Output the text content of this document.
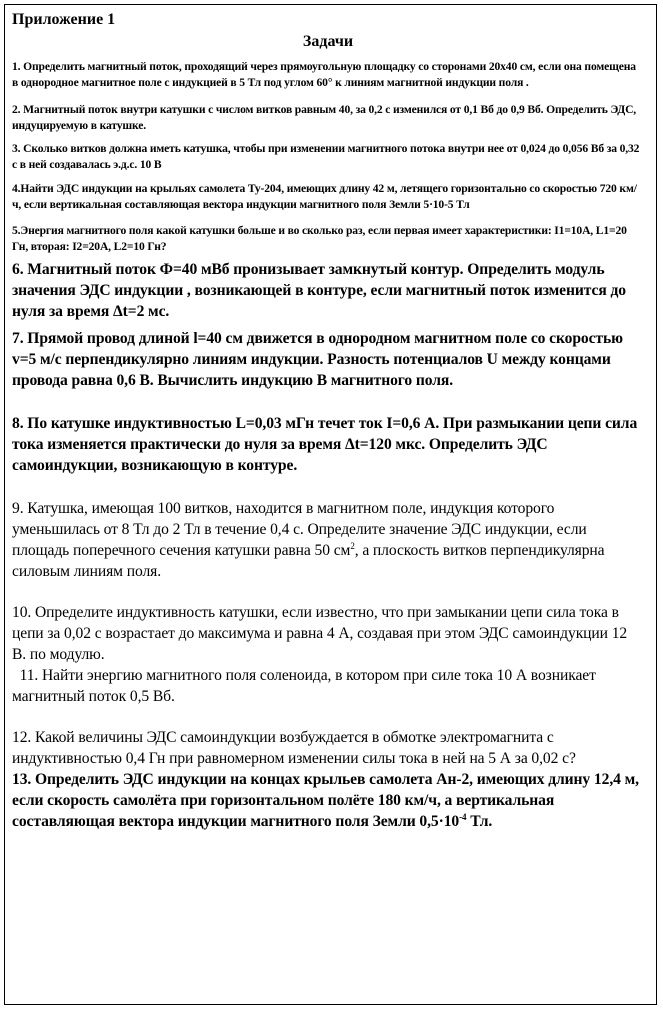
Приложение 1

Задачи

1. Определить магнитный поток, проходящий через прямоугольную площадку со сторонами 20х40 см, если она помещена в однородное магнитное поле с индукцией в 5 Тл под углом 60° к линиям магнитной индукции поля .

2. Магнитный поток внутри катушки с числом витков равным 40, за 0,2 с изменился от 0,1 Вб до 0,9 Вб. Определить ЭДС, индуцируемую в катушке.

3. Сколько витков должна иметь катушка, чтобы при изменении магнитного потока внутри нее от 0,024 до 0,056 Вб за 0,32 с в ней создавалась э.д.с. 10 В

4.Найти ЭДС индукции на крыльях самолета Ту-204, имеющих длину 42 м, летящего горизонтально со скоростью 720 км/ч, если вертикальная составляющая вектора индукции магнитного поля Земли 5·10-5 Тл

5.Энергия магнитного поля какой катушки больше и во сколько раз, если первая имеет характеристики: I1=10А, L1=20 Гн, вторая: I2=20А, L2=10 Гн?

6. Магнитный поток Ф=40 мВб пронизывает замкнутый контур. Определить модуль значения ЭДС индукции , возникающей в контуре, если магнитный поток изменится до нуля за время Δt=2 мс.

7. Прямой провод длиной l=40 см движется в однородном магнитном поле со скоростью v=5 м/с перпендикулярно линиям индукции. Разность потенциалов U между концами провода равна 0,6 В. Вычислить индукцию В магнитного поля.

8. По катушке индуктивностью L=0,03 мГн течет ток I=0,6 А. При размыкании цепи сила тока изменяется практически до нуля за время Δt=120 мкс. Определить ЭДС самоиндукции, возникающую в контуре.

9. Катушка, имеющая 100 витков, находится в магнитном поле, индукция которого уменьшилась от 8 Тл до 2 Тл в течение 0,4 с. Определите значение ЭДС индукции, если площадь поперечного сечения катушки равна 50 $см^2$, а плоскость витков перпендикулярна силовым линиям поля.

10. Определите индуктивность катушки, если известно, что при замыкании цепи сила тока в цепи за 0,02 с возрастает до максимума и равна 4 А, создавая при этом ЭДС самоиндукции 12 В. по модулю.

11. Найти энергию магнитного поля соленоида, в котором при силе тока 10 А возникает магнитный поток 0,5 Вб.

12. Какой величины ЭДС самоиндукции возбуждается в обмотке электромагнита с индуктивностью 0,4 Гн при равномерном изменении силы тока в ней на 5 А за 0,02 с?

13. Определить ЭДС индукции на концах крыльев самолета Ан-2, имеющих длину 12,4 м, если скорость самолёта при горизонтальном полёте 180 км/ч, а вертикальная составляющая вектора индукции магнитного поля Земли $0,5\cdot 10^{-4}$ Тл.
